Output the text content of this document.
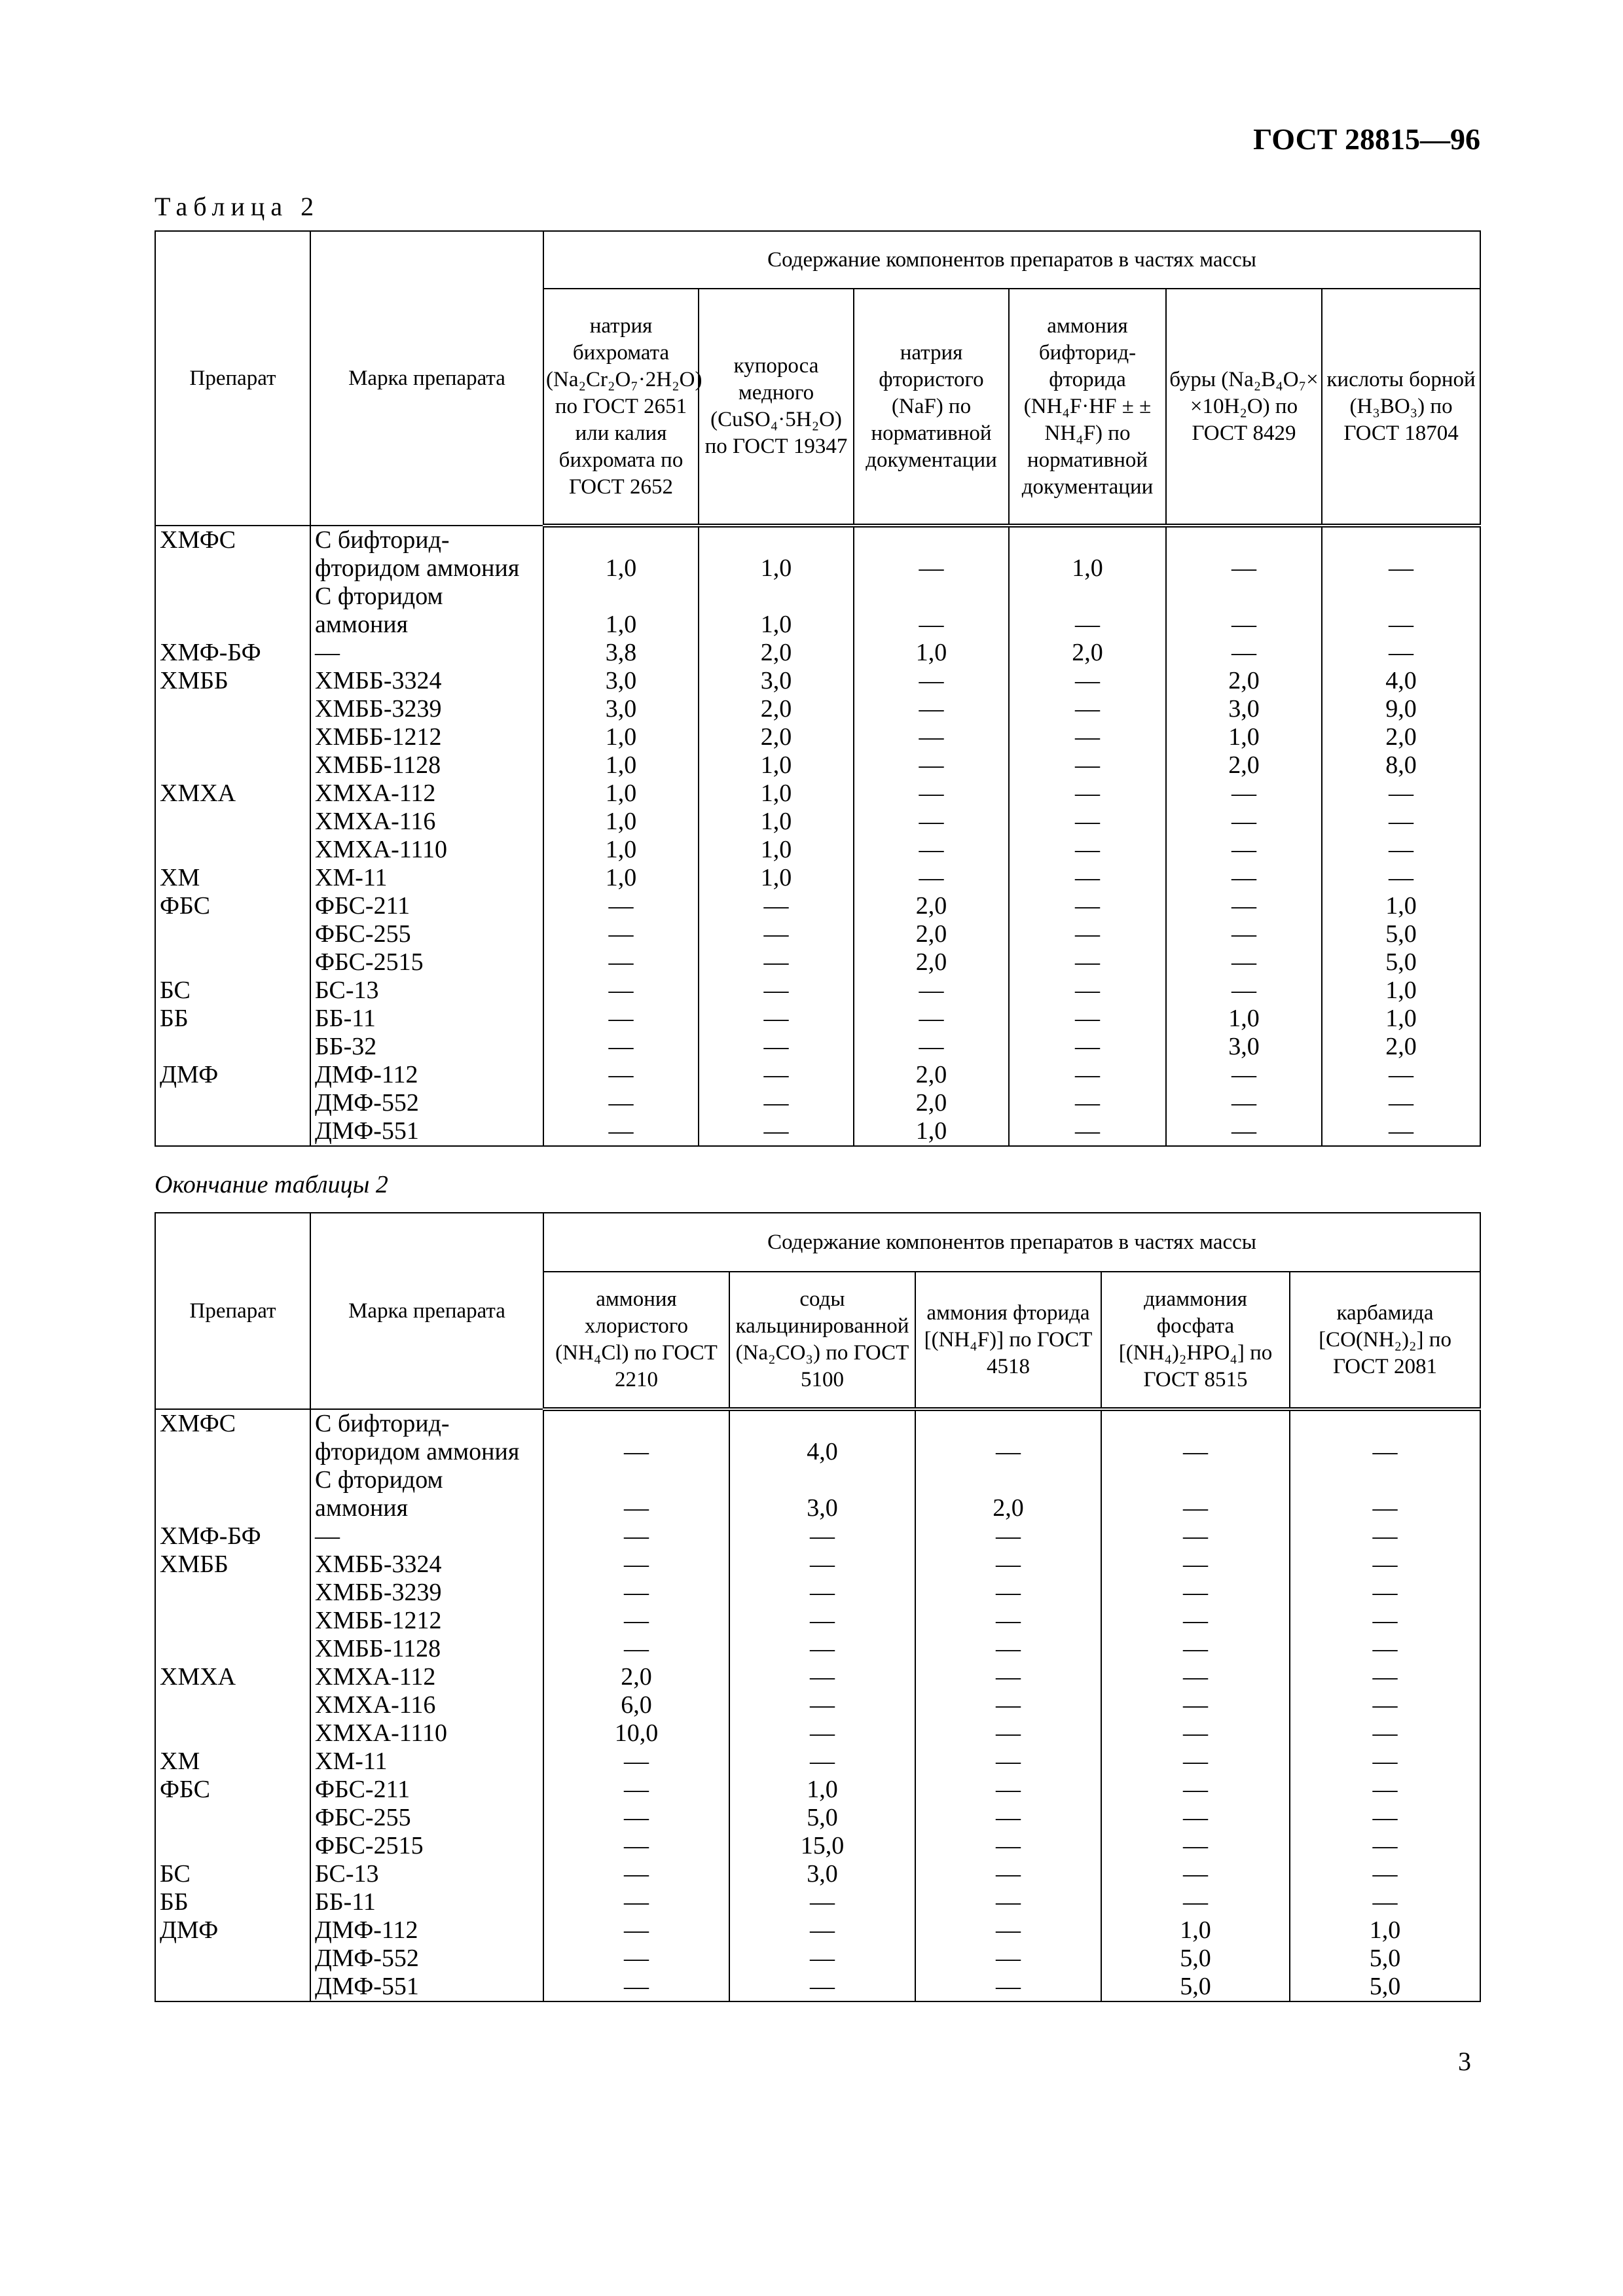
ГОСТ 28815—96
Таблица 2
Препарат	Марка препарата	Содержание компонентов препаратов в частях массы					
		натрия бихромата (Na₂Cr₂O₇·2H₂O) по ГОСТ 2651 или калия бихромата по ГОСТ 2652	купороса медного (CuSO₄·5H₂O) по ГОСТ 19347	натрия фтористого (NaF) по нормативной документации	аммония бифторид-фторида (NH₄F·HF ± ± NH₄F) по нормативной документации	буры (Na₂B₄O₇× ×10H₂O) по ГОСТ 8429	кислоты борной (H₃BO₃) по ГОСТ 18704
ХМФС	С бифторид-фторидом аммония	1,0	1,0	—	1,0	—	—
	С фторидом аммония	1,0	1,0	—	—	—	—
ХМФ-БФ	—	3,8	2,0	1,0	2,0	—	—
ХМББ	ХМББ-3324	3,0	3,0	—	—	2,0	4,0
	ХМББ-3239	3,0	2,0	—	—	3,0	9,0
	ХМББ-1212	1,0	2,0	—	—	1,0	2,0
	ХМББ-1128	1,0	1,0	—	—	2,0	8,0
ХМХА	ХМХА-112	1,0	1,0	—	—	—	—
	ХМХА-116	1,0	1,0	—	—	—	—
	ХМХА-1110	1,0	1,0	—	—	—	—
ХМ	ХМ-11	1,0	1,0	—	—	—	—
ФБС	ФБС-211	—	—	2,0	—	—	1,0
	ФБС-255	—	—	2,0	—	—	5,0
	ФБС-2515	—	—	2,0	—	—	5,0
БС	БС-13	—	—	—	—	—	1,0
ББ	ББ-11	—	—	—	—	1,0	1,0
	ББ-32	—	—	—	—	3,0	2,0
ДМФ	ДМФ-112	—	—	2,0	—	—	—
	ДМФ-552	—	—	2,0	—	—	—
	ДМФ-551	—	—	1,0	—	—	—
Окончание таблицы 2
Препарат	Марка препарата	Содержание компонентов препаратов в частях массы				
		аммония хлористого (NH₄Cl) по ГОСТ 2210	соды кальцинированной (Na₂CO₃) по ГОСТ 5100	аммония фторида [(NH₄F)] по ГОСТ 4518	диаммония фосфата [(NH₄)₂HPO₄] по ГОСТ 8515	карбамида [CO(NH₂)₂] по ГОСТ 2081
ХМФС	С бифторид-фторидом аммония	—	4,0	—	—	—
	С фторидом аммония	—	3,0	2,0	—	—
ХМФ-БФ	—	—	—	—	—	—
ХМББ	ХМББ-3324	—	—	—	—	—
	ХМББ-3239	—	—	—	—	—
	ХМББ-1212	—	—	—	—	—
	ХМББ-1128	—	—	—	—	—
ХМХА	ХМХА-112	2,0	—	—	—	—
	ХМХА-116	6,0	—	—	—	—
	ХМХА-1110	10,0	—	—	—	—
ХМ	ХМ-11	—	—	—	—	—
ФБС	ФБС-211	—	1,0	—	—	—
	ФБС-255	—	5,0	—	—	—
	ФБС-2515	—	15,0	—	—	—
БС	БС-13	—	3,0	—	—	—
ББ	ББ-11	—	—	—	—	—
ДМФ	ДМФ-112	—	—	—	1,0	1,0
	ДМФ-552	—	—	—	5,0	5,0
	ДМФ-551	—	—	—	5,0	5,0
3
